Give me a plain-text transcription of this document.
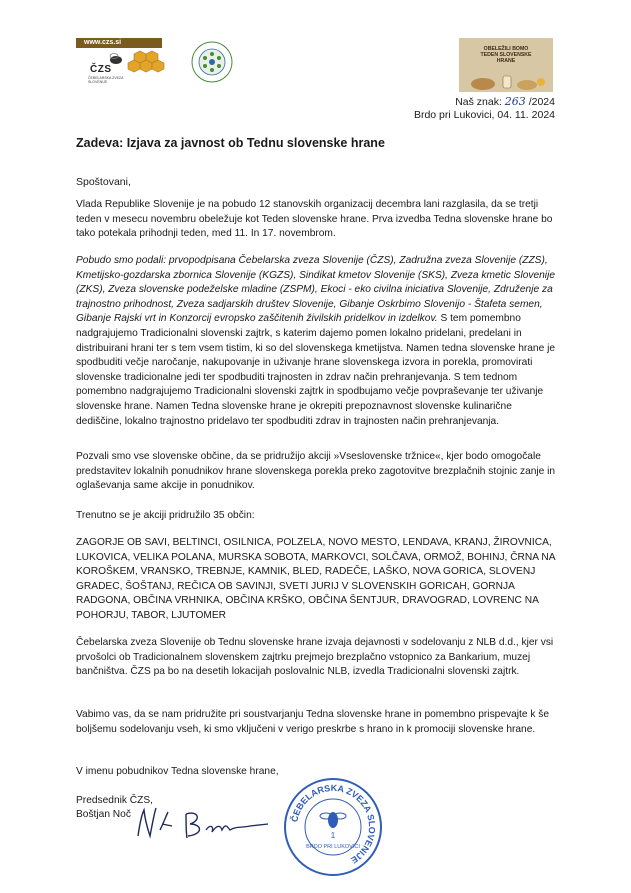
www.czs.si
ČZS
ČEBELARSKA ZVEZA SLOVENIJE
OBELEŽILI BOMO
TEDEN SLOVENSKE
HRANE
Naš znak: 263 /2024
Brdo pri Lukovici, 04. 11. 2024
Zadeva: Izjava za javnost ob Tednu slovenske hrane
Spoštovani,

Vlada Republike Slovenije je na pobudo 12 stanovskih organizacij decembra lani razglasila, da se tretji teden v mesecu novembru obeležuje kot Teden slovenske hrane. Prva izvedba Tedna slovenske hrane bo tako potekala prihodnji teden, med 11. In 17. novembrom.

Pobudo smo podali: prvopodpisana Čebelarska zveza Slovenije (ČZS), Zadružna zveza Slovenije (ZZS), Kmetijsko-gozdarska zbornica Slovenije (KGZS), Sindikat kmetov Slovenije (SKS), Zveza kmetic Slovenije (ZKS), Zveza slovenske podeželske mladine (ZSPM), Ekoci - eko civilna iniciativa Slovenije, Združenje za trajnostno prihodnost, Zveza sadjarskih društev Slovenije, Gibanje Oskrbimo Slovenijo - Štafeta semen, Gibanje Rajski vrt in Konzorcij evropsko zaščitenih živilskih pridelkov in izdelkov. S tem pomembno nadgrajujemo Tradicionalni slovenski zajtrk, s katerim dajemo pomen lokalno pridelani, predelani in distribuirani hrani ter s tem vsem tistim, ki so del slovenskega kmetijstva. Namen tedna slovenske hrane je spodbuditi večje naročanje, nakupovanje in uživanje hrane slovenskega izvora in porekla, promovirati slovenske tradicionalne jedi ter spodbuditi trajnosten in zdrav način prehranjevanja. S tem tednom pomembno nadgrajujemo Tradicionalni slovenski zajtrk in spodbujamo večje povpraševanje ter uživanje slovenske hrane. Namen Tedna slovenske hrane je okrepiti prepoznavnost slovenske kulinarične dediščine, lokalno trajnostno pridelavo ter spodbuditi zdrav in trajnosten način prehranjevanja.

Pozvali smo vse slovenske občine, da se pridružijo akciji »Vseslovenske tržnice«, kjer bodo omogočale predstavitev lokalnih ponudnikov hrane slovenskega porekla preko zagotovitve brezplačnih stojnic zanje in oglaševanja same akcije in ponudnikov.

Trenutno se je akciji pridružilo 35 občin:

ZAGORJE OB SAVI, BELTINCI, OSILNICA, POLZELA, NOVO MESTO, LENDAVA, KRANJ, ŽIROVNICA, LUKOVICA, VELIKA POLANA, MURSKA SOBOTA, MARKOVCI, SOLČAVA, ORMOŽ, BOHINJ, ČRNA NA KOROŠKEM, VRANSKO, TREBNJE, KAMNIK, BLED, RADEČE, LAŠKO, NOVA GORICA, SLOVENJ GRADEC, ŠOŠTANJ, REČICA OB SAVINJI, SVETI JURIJ V SLOVENSKIH GORICAH, GORNJA RADGONA, OBČINA VRHNIKA, OBČINA KRŠKO, OBČINA ŠENTJUR, DRAVOGRAD, LOVRENC NA POHORJU, TABOR, LJUTOMER

Čebelarska zveza Slovenije ob Tednu slovenske hrane izvaja dejavnosti v sodelovanju z NLB d.d., kjer vsi prvošolci ob Tradicionalnem slovenskem zajtrku prejmejo brezplačno vstopnico za Bankarium, muzej bančništva. ČZS pa bo na desetih lokacijah poslovalnic NLB, izvedla Tradicionalni slovenski zajtrk.

Vabimo vas, da se nam pridružite pri soustvarjanju Tedna slovenske hrane in pomembno prispevajte k še boljšemu sodelovanju vseh, ki smo vključeni v verigo preskrbe s hrano in k promociji slovenske hrane.

V imenu pobudnikov Tedna slovenske hrane,

Predsednik ČZS,
Boštjan Noč	ČEBELARSKA ZVEZA SLOVENIJE
1
BRDO PRI LUKOVICI
